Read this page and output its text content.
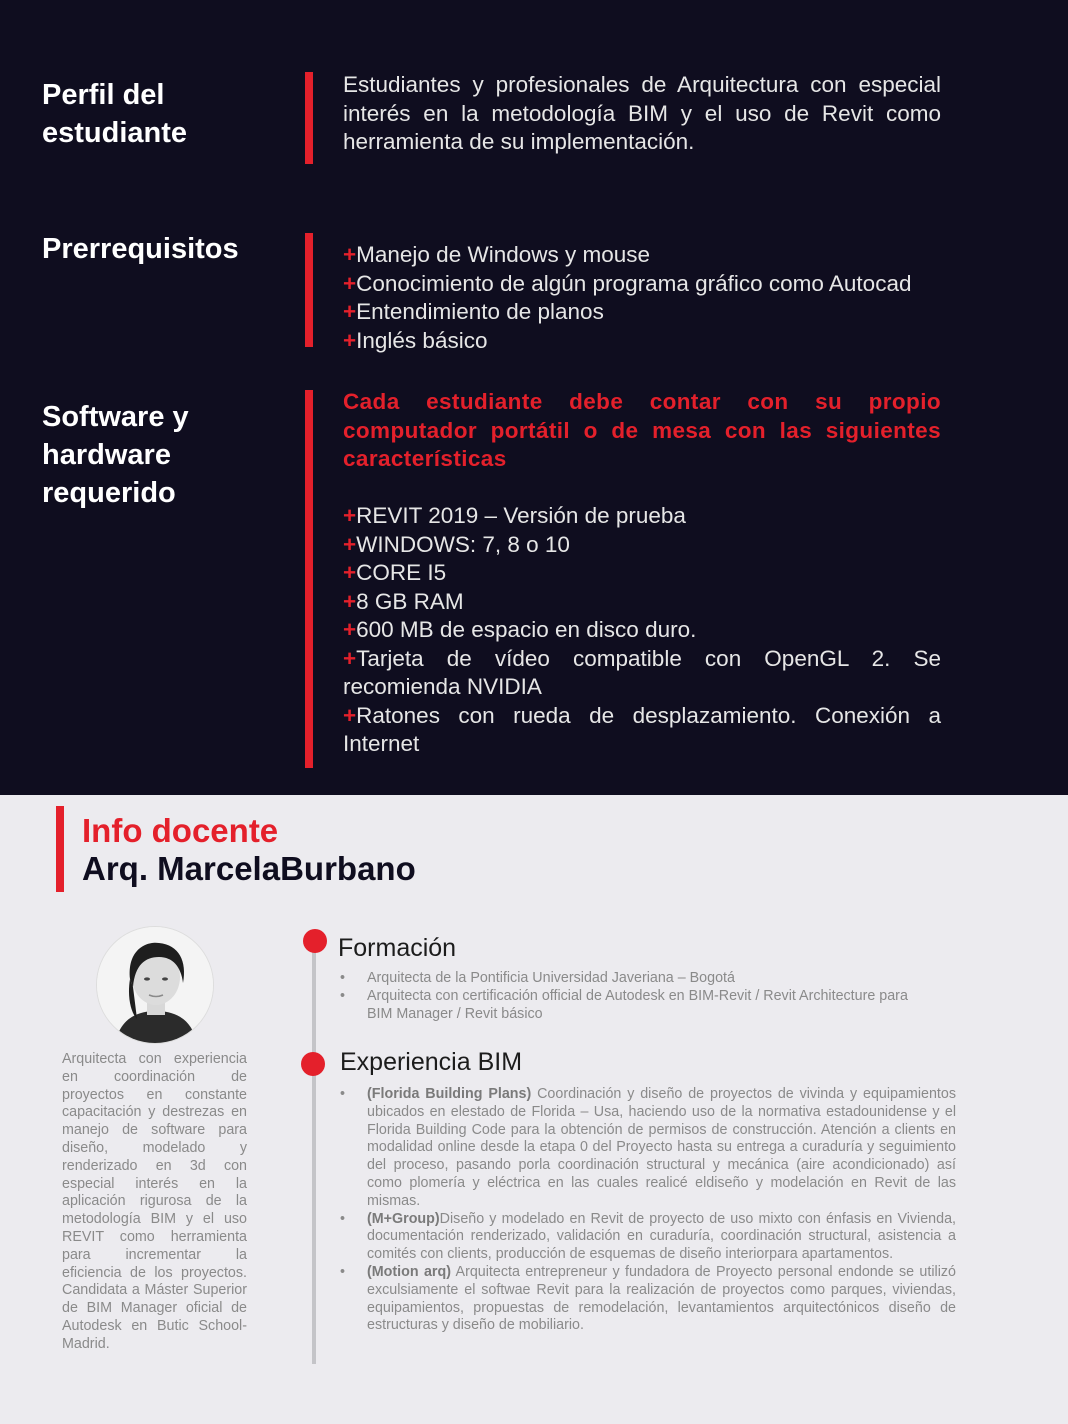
Perfil del
estudiante
Estudiantes y profesionales de Arquitectura con especial interés en la metodología BIM y el uso de Revit como herramienta de su implementación.
Prerrequisitos	+Manejo de Windows y mouse
+Conocimiento de algún programa gráfico como Autocad
+Entendimiento de planos
+Inglés básico
Software y
hardware
requerido
Cada estudiante debe contar con su propio computador portátil o de mesa con las siguientes características
+REVIT 2019 – Versión de prueba
+WINDOWS: 7, 8 o 10
+CORE I5
+8 GB RAM
+600 MB de espacio en disco duro.
+Tarjeta de vídeo compatible con OpenGL 2. Se recomienda NVIDIA
+Ratones con rueda de desplazamiento. Conexión a Internet
Info docente
Arq. MarcelaBurbano
Arquitecta con experiencia en coordinación de proyectos en constante capacitación y destrezas en manejo de software para diseño, modelado y renderizado en 3d con especial interés en la aplicación rigurosa de la metodología BIM y el uso REVIT como herramienta para incrementar la eficiencia de los proyectos. Candidata a Máster Superior de BIM Manager oficial de Autodesk en Butic School- Madrid.
Formación
• Arquitecta de la Pontificia Universidad Javeriana – Bogotá
• Arquitecta con certificación official de Autodesk en BIM-Revit / Revit Architecture para BIM Manager / Revit básico
Experiencia BIM
• (Florida Building Plans) Coordinación y diseño de proyectos de vivinda y equipamientos ubicados en elestado de Florida – Usa, haciendo uso de la normativa estadounidense y el Florida Building Code para la obtención de permisos de construcción. Atención a clients en modalidad online desde la etapa 0 del Proyecto hasta su entrega a curaduría y seguimiento del proceso, pasando porla coordinación structural y mecánica (aire acondicionado) así como plomería y eléctrica en las cuales realicé eldiseño y modelación en Revit de las mismas.
• (M+Group)Diseño y modelado en Revit de proyecto de uso mixto con énfasis en Vivienda, documentación renderizado, validación en curaduría, coordinación structural, asistencia a comités con clients, producción de esquemas de diseño interiorpara apartamentos.
• (Motion arq) Arquitecta entrepreneur y fundadora de Proyecto personal endonde se utilizó exculsiamente el softwae Revit para la realización de proyectos como parques, viviendas, equipamientos, propuestas de remodelación, levantamientos arquitectónicos diseño de estructuras y diseño de mobiliario.
